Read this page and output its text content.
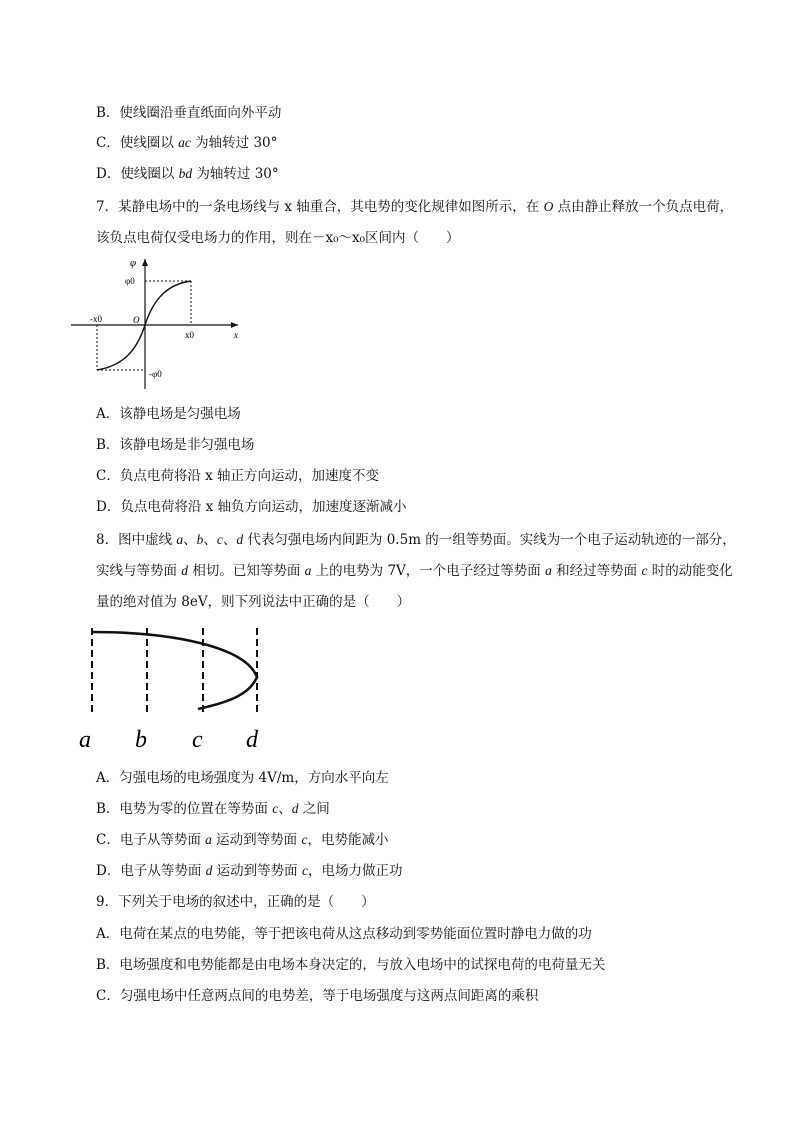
B．使线圈沿垂直纸面向外平动
C．使线圈以 ac 为轴转过 30°
D．使线圈以 bd 为轴转过 30°
7．某静电场中的一条电场线与 x 轴重合，其电势的变化规律如图所示，在 O 点由静止释放一个负点电荷，
该负点电荷仅受电场力的作用，则在－x₀～x₀区间内（　　）
φ
φ0
O
-x0
x0	x
-φ0
A．该静电场是匀强电场
B．该静电场是非匀强电场
C．负点电荷将沿 x 轴正方向运动，加速度不变
D．负点电荷将沿 x 轴负方向运动，加速度逐渐减小
8．图中虚线 a、b、c、d 代表匀强电场内间距为 0.5m 的一组等势面。实线为一个电子运动轨迹的一部分，
实线与等势面 d 相切。已知等势面 a 上的电势为 7V，一个电子经过等势面 a 和经过等势面 c 时的动能变化
量的绝对值为 8eV，则下列说法中正确的是（　　）
a b c d
A．匀强电场的电场强度为 4V/m，方向水平向左
B．电势为零的位置在等势面 c、d 之间
C．电子从等势面 a 运动到等势面 c，电势能减小
D．电子从等势面 d 运动到等势面 c，电场力做正功
9．下列关于电场的叙述中，正确的是（　　）
A．电荷在某点的电势能，等于把该电荷从这点移动到零势能面位置时静电力做的功
B．电场强度和电势能都是由电场本身决定的，与放入电场中的试探电荷的电荷量无关
C．匀强电场中任意两点间的电势差，等于电场强度与这两点间距离的乘积
